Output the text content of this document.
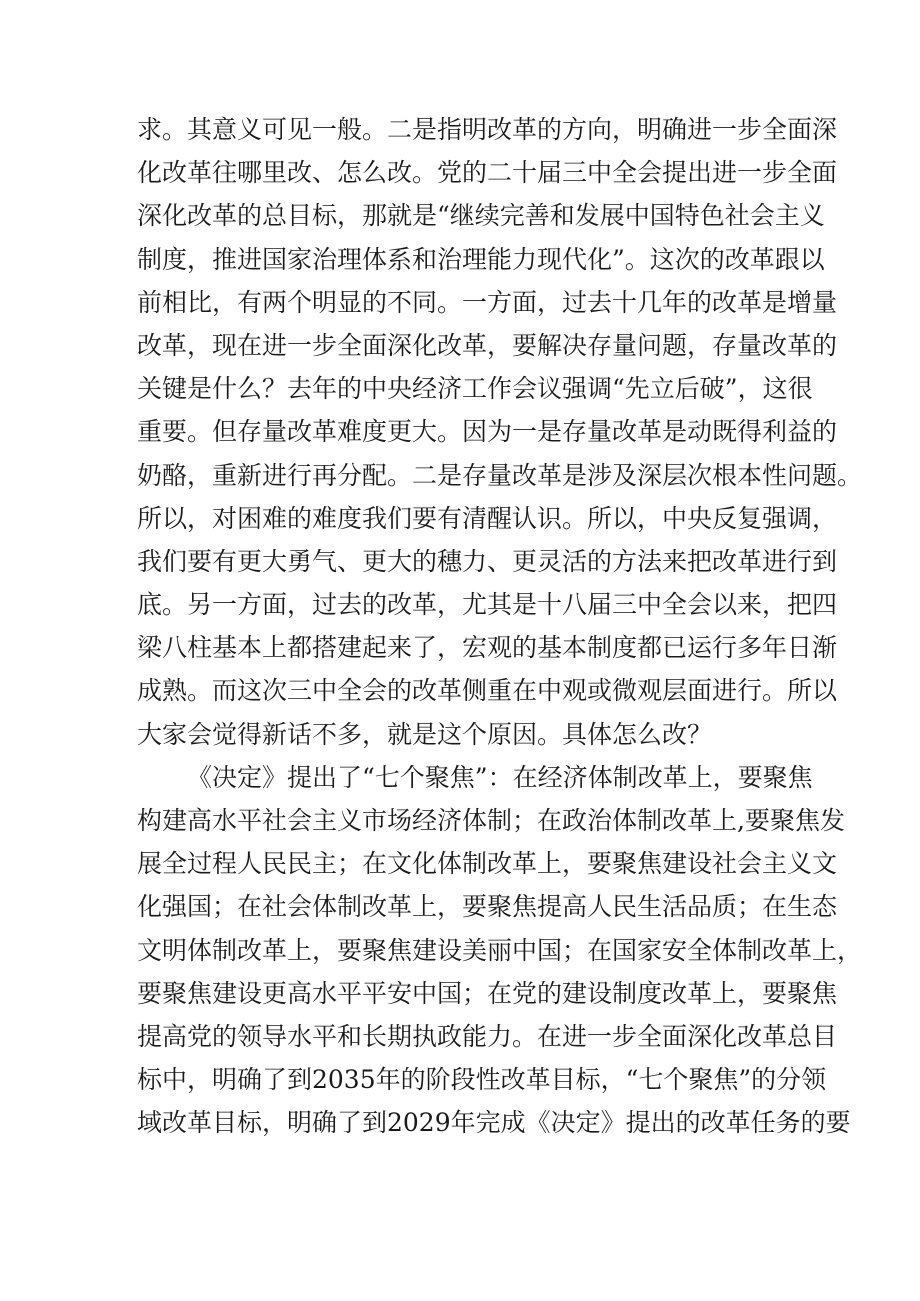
求。其意义可见一般。二是指明改革的方向，明确进一步全面深
化改革往哪里改、怎么改。党的二十届三中全会提出进一步全面
深化改革的总目标，那就是“继续完善和发展中国特色社会主义
制度，推进国家治理体系和治理能力现代化”。这次的改革跟以
前相比，有两个明显的不同。一方面，过去十几年的改革是增量
改革，现在进一步全面深化改革，要解决存量问题，存量改革的
关键是什么？去年的中央经济工作会议强调“先立后破”，这很
重要。但存量改革难度更大。因为一是存量改革是动既得利益的
奶酪，重新进行再分配。二是存量改革是涉及深层次根本性问题。
所以，对困难的难度我们要有清醒认识。所以，中央反复强调，
我们要有更大勇气、更大的穗力、更灵活的方法来把改革进行到
底。另一方面，过去的改革，尤其是十八届三中全会以来，把四
梁八柱基本上都搭建起来了，宏观的基本制度都已运行多年日渐
成熟。而这次三中全会的改革侧重在中观或微观层面进行。所以
大家会觉得新话不多，就是这个原因。具体怎么改？
《决定》提出了“七个聚焦”：在经济体制改革上，要聚焦
构建高水平社会主义市场经济体制；在政治体制改革上,要聚焦发
展全过程人民民主；在文化体制改革上，要聚焦建设社会主义文
化强国；在社会体制改革上，要聚焦提高人民生活品质；在生态
文明体制改革上，要聚焦建设美丽中国；在国家安全体制改革上，
要聚焦建设更高水平平安中国；在党的建设制度改革上，要聚焦
提高党的领导水平和长期执政能力。在进一步全面深化改革总目
标中，明确了到2035年的阶段性改革目标，“七个聚焦”的分领
域改革目标，明确了到2029年完成《决定》提出的改革任务的要
